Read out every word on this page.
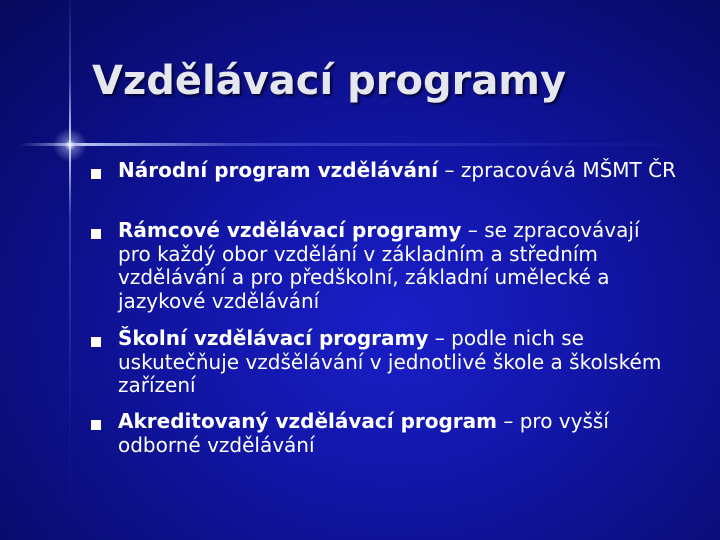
Vzdělávací programy
Národní program vzdělávání – zpracovává MŠMT ČR
Rámcové vzdělávací programy – se zpracovávají pro každý obor vzdělání v základním a středním vzdělávání a pro předškolní, základní umělecké a jazykové vzdělávání
Školní vzdělávací programy – podle nich se uskutečňuje vzdšělávání v jednotlivé škole a školském zařízení
Akreditovaný vzdělávací program – pro vyšší odborné vzdělávání
